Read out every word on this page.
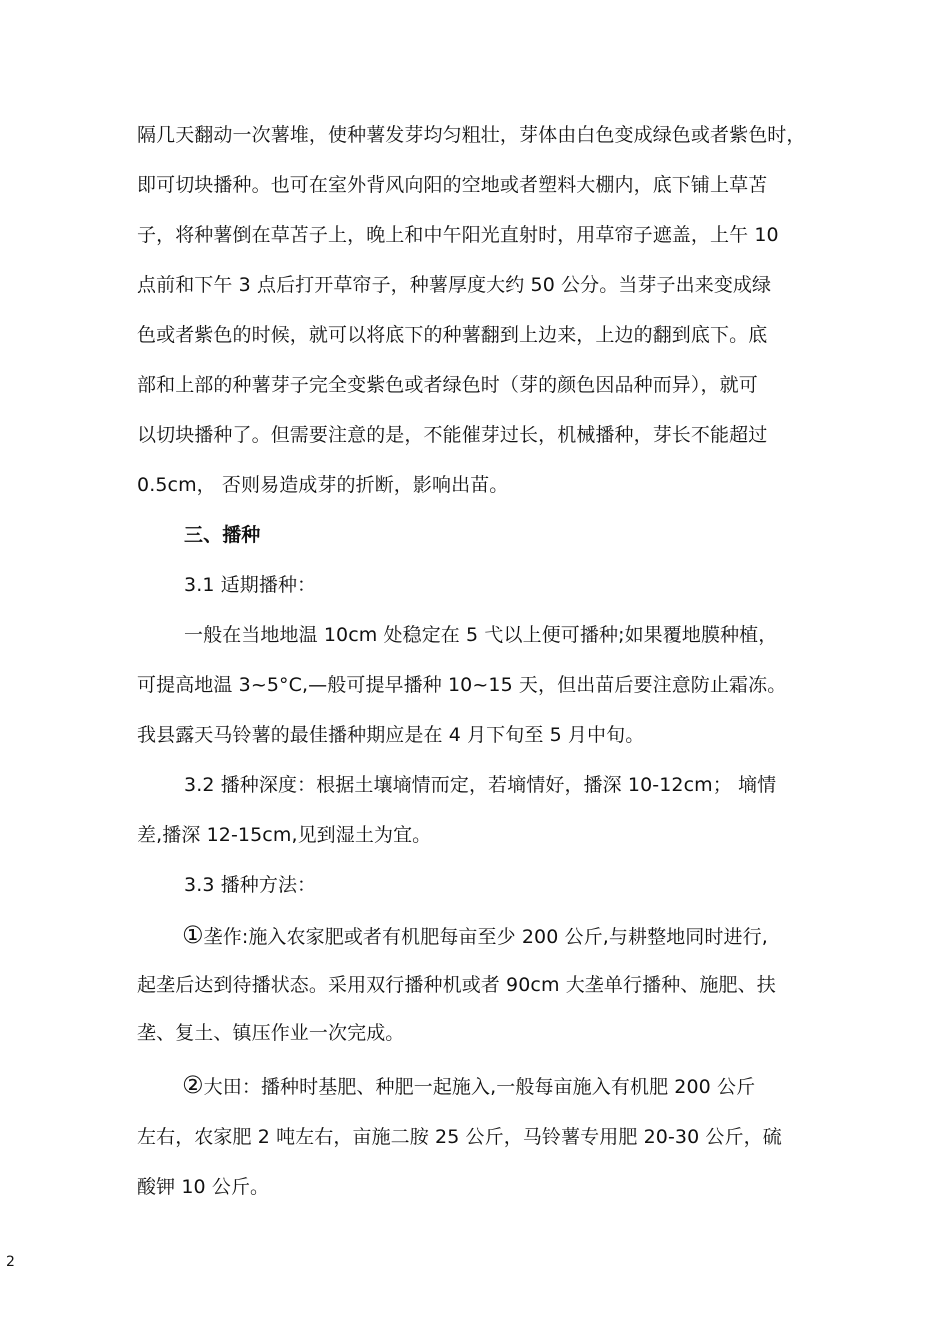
隔几天翻动一次薯堆，使种薯发芽均匀粗壮，芽体由白色变成绿色或者紫色时，
即可切块播种。也可在室外背风向阳的空地或者塑料大棚内，底下铺上草苫
子，将种薯倒在草苫子上，晚上和中午阳光直射时，用草帘子遮盖，上午 10
点前和下午 3 点后打开草帘子，种薯厚度大约 50 公分。当芽子出来变成绿
色或者紫色的时候，就可以将底下的种薯翻到上边来，上边的翻到底下。底
部和上部的种薯芽子完全变紫色或者绿色时（芽的颜色因品种而异），就可
以切块播种了。但需要注意的是，不能催芽过长，机械播种，芽长不能超过
0.5cm， 否则易造成芽的折断，影响出苗。
三、播种
3.1 适期播种：
一般在当地地温 10cm 处稳定在 5 弋以上便可播种;如果覆地膜种植，
可提高地温 3~5°C,—般可提早播种 10~15 天，但出苗后要注意防止霜冻。
我县露天马铃薯的最佳播种期应是在 4 月下旬至 5 月中旬。
3.2 播种深度：根据土壤墒情而定，若墒情好，播深 10-12cm； 墒情
差,播深 12-15cm,见到湿土为宜。
3.3 播种方法：
①垄作:施入农家肥或者有机肥每亩至少 200 公斤,与耕整地同时进行,
起垄后达到待播状态。采用双行播种机或者 90cm 大垄单行播种、施肥、扶
垄、复土、镇压作业一次完成。
②大田：播种时基肥、种肥一起施入,一般每亩施入有机肥 200 公斤
左右，农家肥 2 吨左右，亩施二胺 25 公斤，马铃薯专用肥 20-30 公斤，硫
酸钾 10 公斤。
2
